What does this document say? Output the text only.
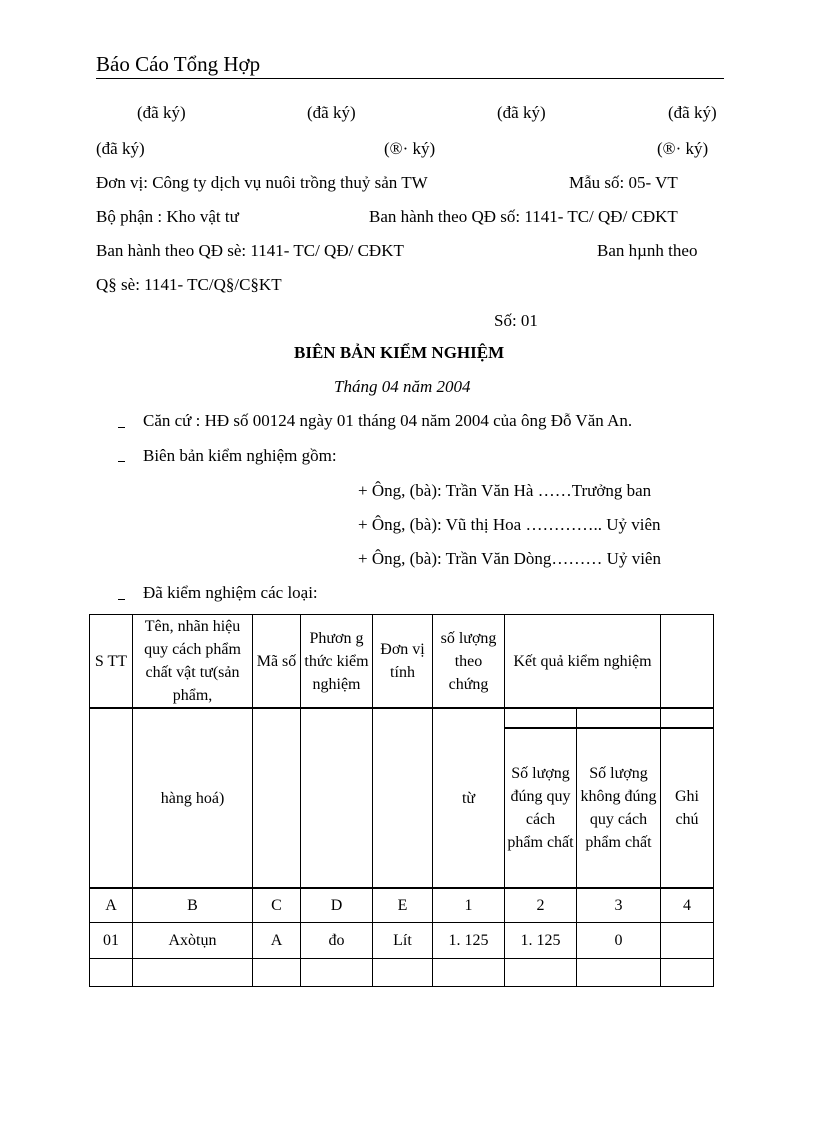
Báo Cáo Tổng Hợp
(đã ký)	(đã ký)	(đã ký)	(đã ký)
(đã ký)	(®· ký)	(®· ký)
Đơn vị: Công ty dịch vụ nuôi trồng thuỷ sản TW	Mẫu số: 05- VT
Bộ phận : Kho vật tư	Ban hành theo QĐ số: 1141- TC/ QĐ/ CĐKT
Ban hành theo QĐ sè: 1141- TC/ QĐ/ CĐKT	Ban hµnh theo
Q§ sè: 1141- TC/Q§/C§KT
Số: 01
BIÊN BẢN KIỂM NGHIỆM
Tháng 04 năm 2004
Căn cứ : HĐ số 00124 ngày 01 tháng 04 năm 2004 của ông Đỗ Văn An.
Biên bản kiểm nghiệm gồm:
+ Ông, (bà): Trần Văn Hà ……Trưởng ban
+ Ông, (bà): Vũ thị Hoa ………….. Uỷ viên
+ Ông, (bà): Trần Văn Dòng……… Uỷ viên
Đã kiểm nghiệm các loại:
S TT	Tên, nhãn hiệu quy cách phẩm chất vật tư(sản phẩm,	Mã số	Phươn g thức kiểm nghiệm	Đơn vị tính	số lượng theo chứng	Kết quả kiểm nghiệm		
	hàng hoá)				từ			
						Số lượng đúng quy cách phẩm chất	Số lượng không đúng quy cách phẩm chất	Ghi chú
A	B	C	D	E	1	2	3	4
01	Axòtụn	A	đo	Lít	1. 125	1. 125	0	
